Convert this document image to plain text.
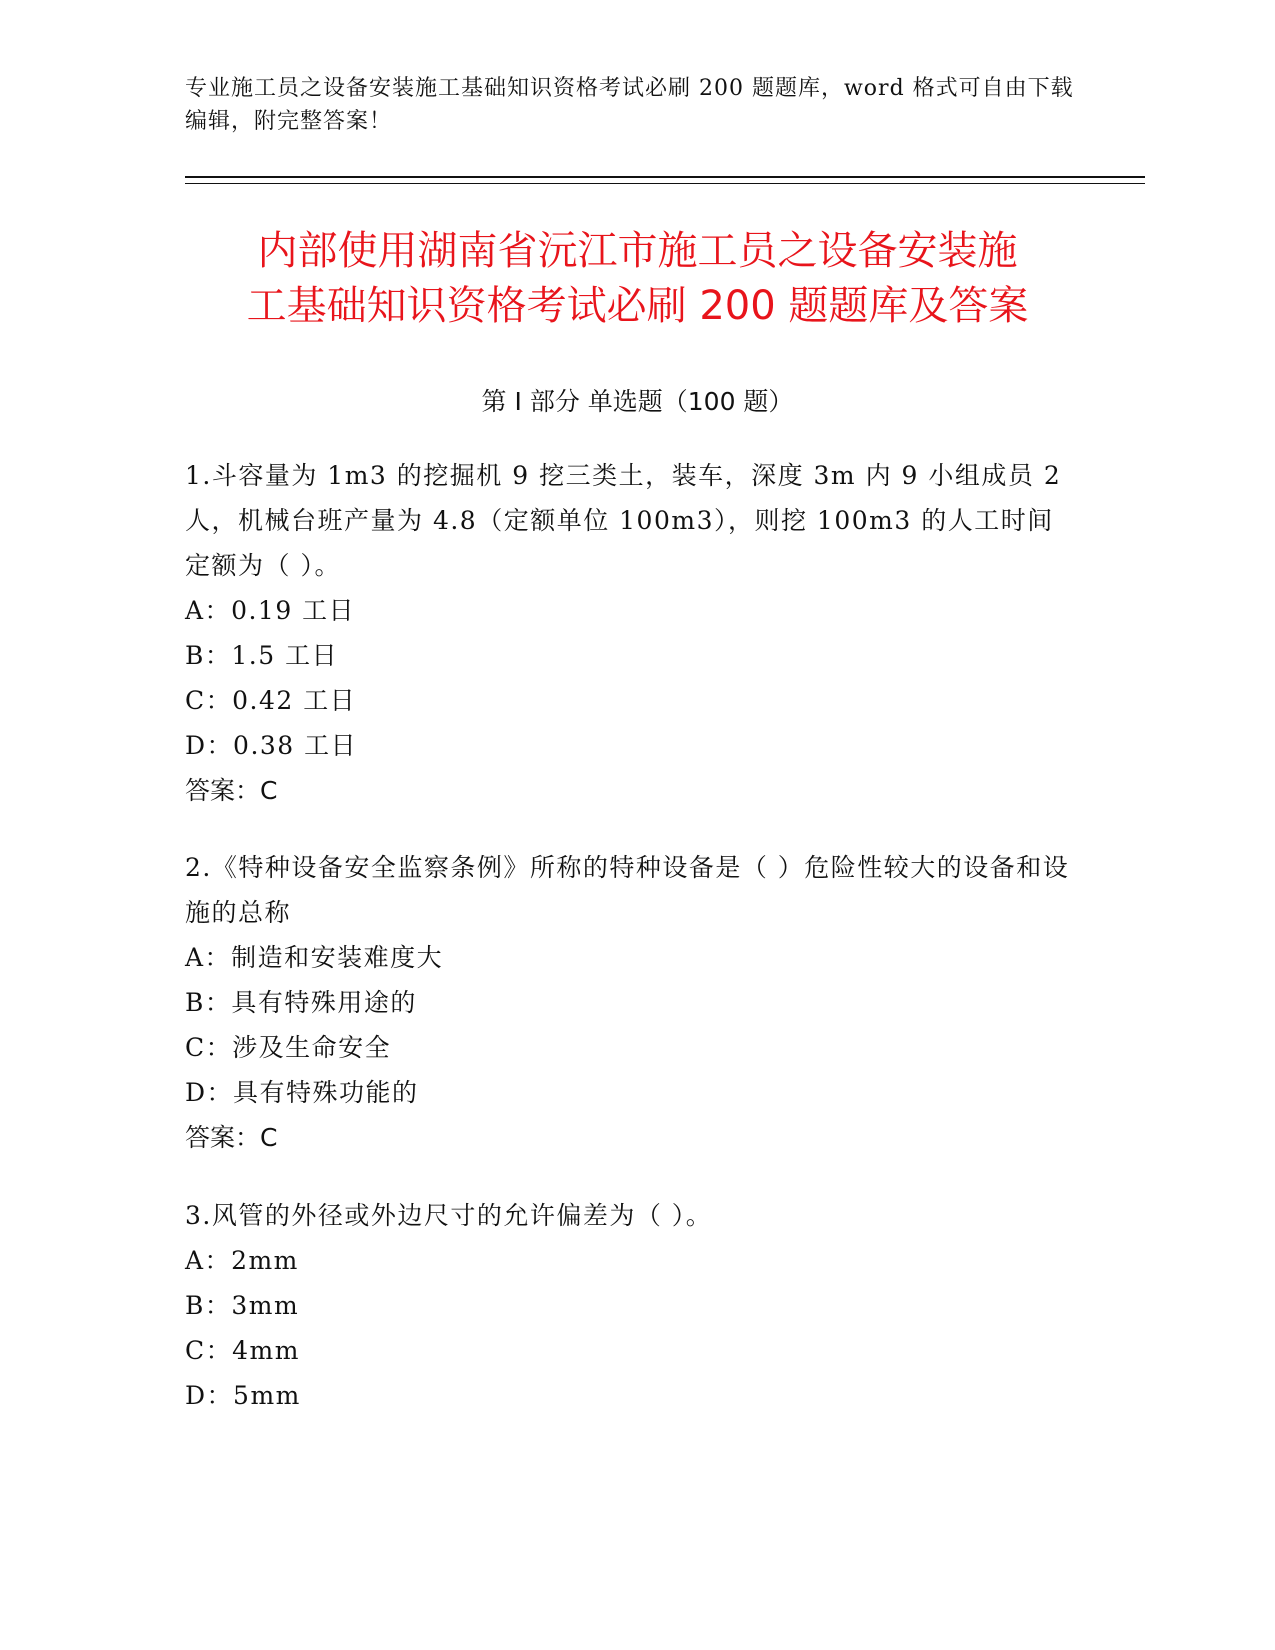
专业施工员之设备安装施工基础知识资格考试必刷 200 题题库，word 格式可自由下载编辑，附完整答案！
内部使用湖南省沅江市施工员之设备安装施
工基础知识资格考试必刷 200 题题库及答案
第 I 部分 单选题（100 题）

1.斗容量为 1m3 的挖掘机 9 挖三类土，装车，深度 3m 内 9 小组成员 2 人，机械台班产量为 4.8（定额单位 100m3），则挖 100m3 的人工时间定额为（ ）。

A：0.19 工日

B：1.5 工日

C：0.42 工日

D：0.38 工日

答案：C

2.《特种设备安全监察条例》所称的特种设备是（ ）危险性较大的设备和设施的总称

A：制造和安装难度大

B：具有特殊用途的

C：涉及生命安全

D：具有特殊功能的

答案：C

3.风管的外径或外边尺寸的允许偏差为（ ）。

A：2mm

B：3mm

C：4mm

D：5mm
